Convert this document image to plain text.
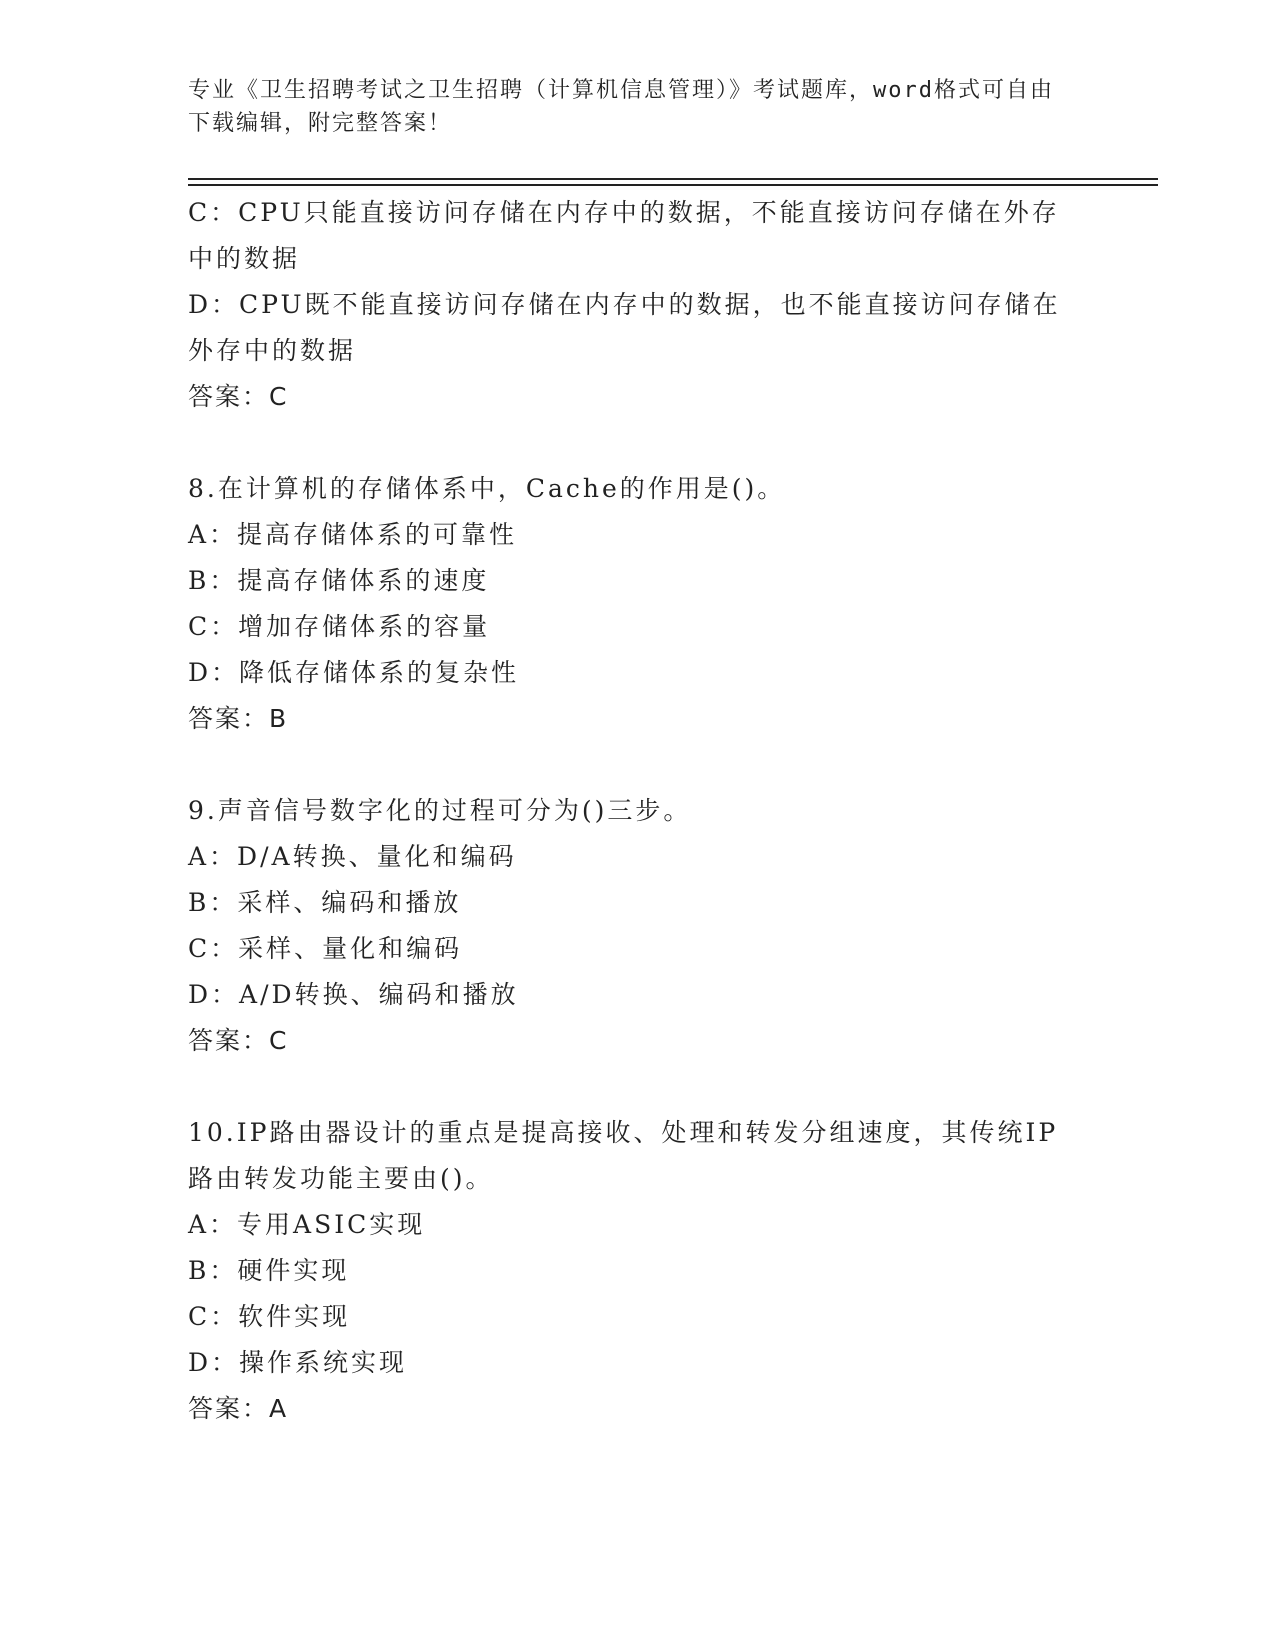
专业《卫生招聘考试之卫生招聘（计算机信息管理）》考试题库，word格式可自由下载编辑，附完整答案！
C：CPU只能直接访问存储在内存中的数据，不能直接访问存储在外存中的数据
D：CPU既不能直接访问存储在内存中的数据，也不能直接访问存储在外存中的数据
答案：C
8.在计算机的存储体系中，Cache的作用是()。
A：提高存储体系的可靠性
B：提高存储体系的速度
C：增加存储体系的容量
D：降低存储体系的复杂性
答案：B
9.声音信号数字化的过程可分为()三步。
A：D/A转换、量化和编码
B：采样、编码和播放
C：采样、量化和编码
D：A/D转换、编码和播放
答案：C
10.IP路由器设计的重点是提高接收、处理和转发分组速度，其传统IP路由转发功能主要由()。
A：专用ASIC实现
B：硬件实现
C：软件实现
D：操作系统实现
答案：A
